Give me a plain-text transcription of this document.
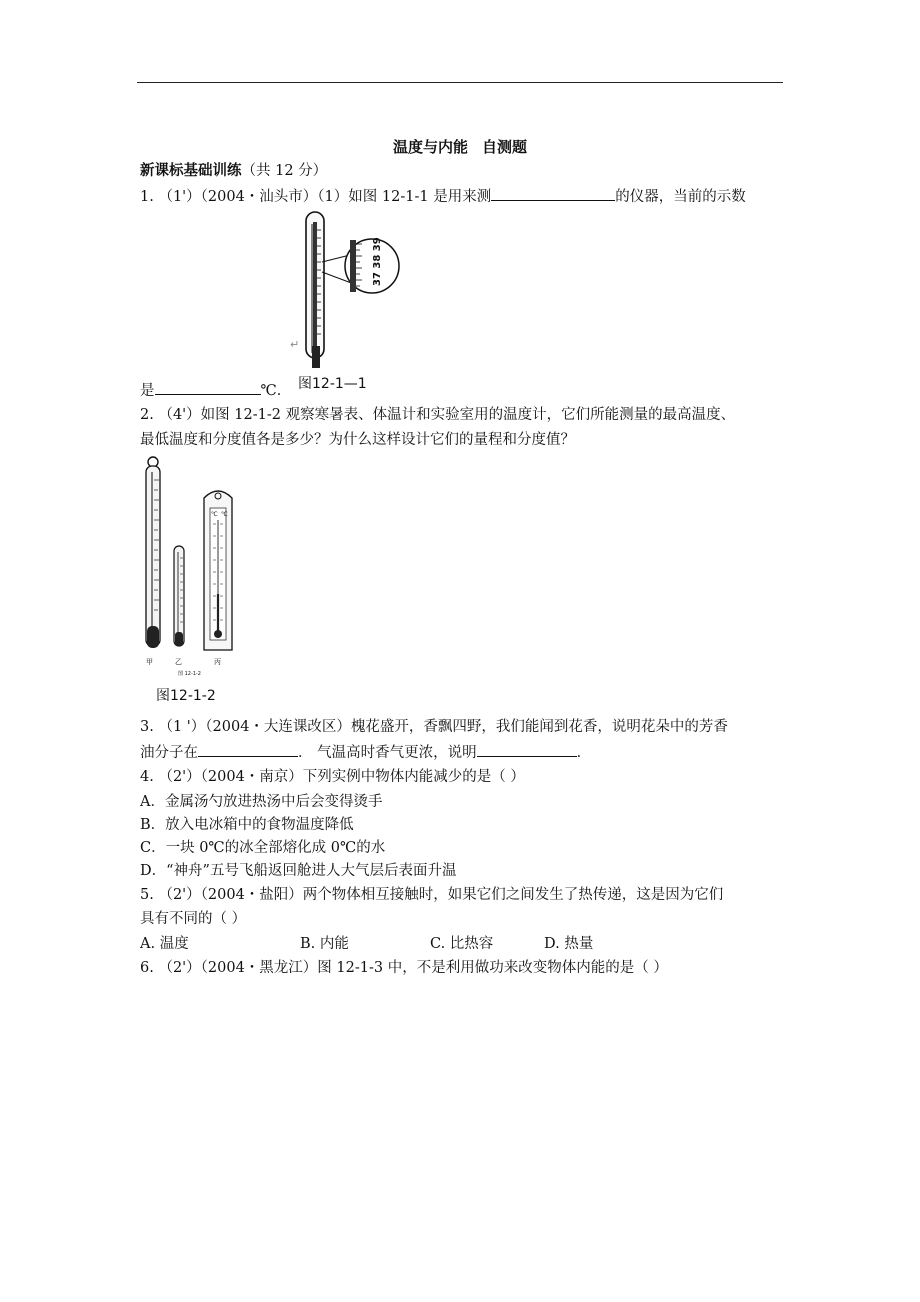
温度与内能 自测题
新课标基础训练（共 12 分）
1. （1'）（2004・汕头市）（1）如图 12-1-1 是用来测	的仪器，当前的示数
37 38 39
↵
图12-1—1
是	℃．
2. （4'）如图 12-1-2 观察寒暑表、体温计和实验室用的温度计，它们所能测量的最高温度、
最低温度和分度值各是多少？为什么这样设计它们的量程和分度值？
℃ ℃
甲	乙	丙
图 12-1-2
图12-1-2
3. （1 '）（2004・大连课改区）槐花盛开，香飘四野，我们能闻到花香，说明花朵中的芳香
油分子在	． 气温高时香气更浓，说明	．
4. （2'）（2004・南京）下列实例中物体内能减少的是（ ）
A．金属汤勺放进热汤中后会变得烫手
B．放入电冰箱中的食物温度降低
C．一块 0℃的冰全部熔化成 0℃的水
D．“神舟”五号飞船返回舱进人大气层后表面升温
5. （2'）（2004・盐阳）两个物体相互接触时，如果它们之间发生了热传递，这是因为它们
具有不同的（ ）
A. 温度	B. 内能	C. 比热容	D. 热量
6. （2'）（2004・黑龙江）图 12-1-3 中，不是利用做功来改变物体内能的是（ ）
